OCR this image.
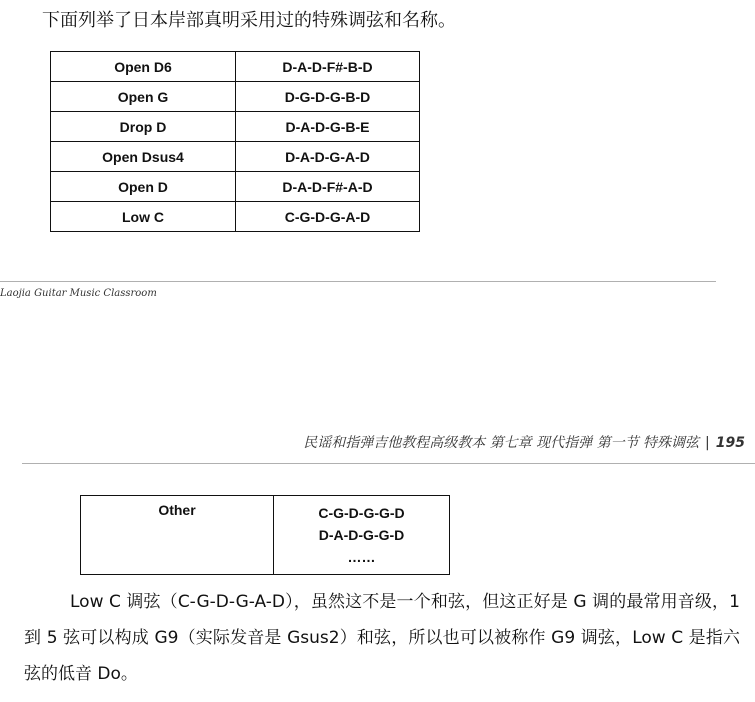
下面列举了日本岸部真明采用过的特殊调弦和名称。

Open D6	D-A-D-F#-B-D
Open G	D-G-D-G-B-D
Drop D	D-A-D-G-B-E
Open Dsus4	D-A-D-G-A-D
Open D	D-A-D-F#-A-D
Low C	C-G-D-G-A-D
Laojia Guitar Music Classroom
民谣和指弹吉他教程高级教本 第七章 现代指弹 第一节 特殊调弦 | 195
Other	C-G-D-G-G-D
D-A-D-G-G-D
……

Low C 调弦（C-G-D-G-A-D），虽然这不是一个和弦，但这正好是 G 调的最常用音级，1 到 5 弦可以构成 G9（实际发音是 Gsus2）和弦，所以也可以被称作 G9 调弦，Low C 是指六弦的低音 Do。
